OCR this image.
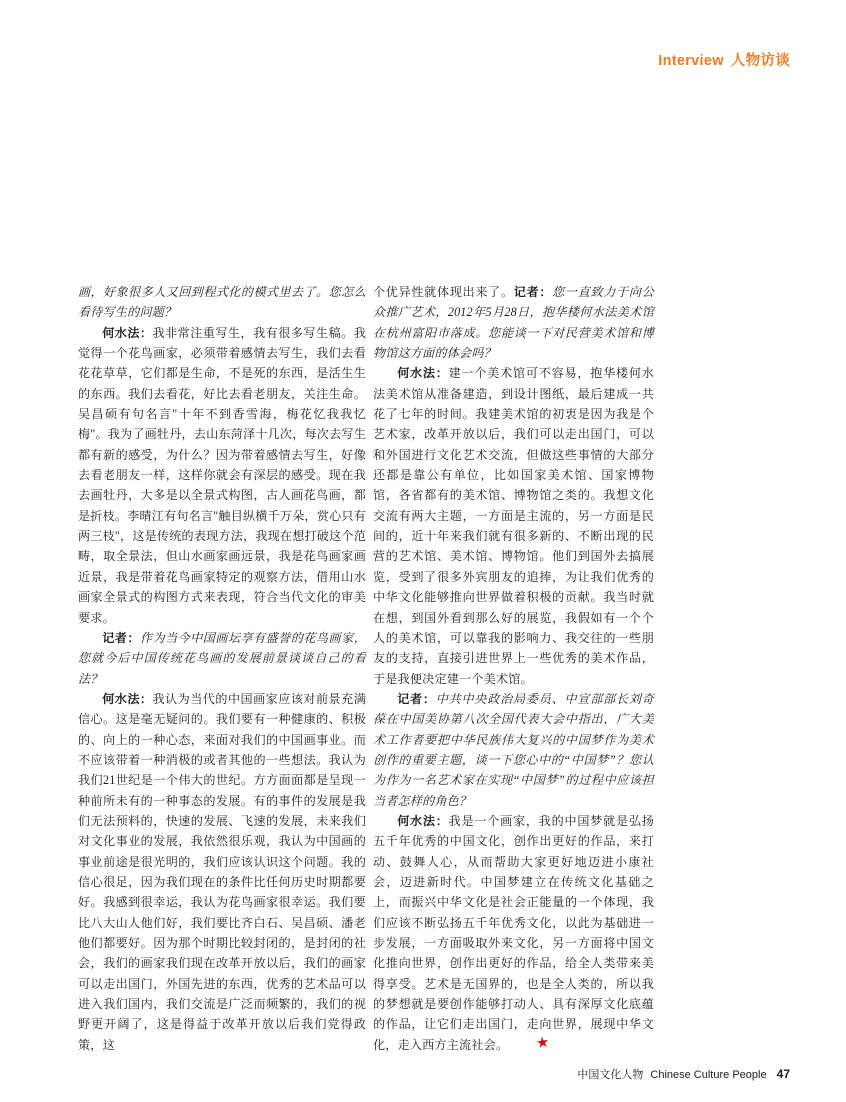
Interview 人物访谈

画，好象很多人又回到程式化的模式里去了。您怎么看待写生的问题？

何水法：我非常注重写生，我有很多写生稿。我觉得一个花鸟画家，必须带着感情去写生，我们去看花花草草，它们都是生命，不是死的东西，是活生生的东西。我们去看花，好比去看老朋友，关注生命。吴昌硕有句名言"十年不到香雪海，梅花忆我我忆梅"。我为了画牡丹，去山东菏泽十几次，每次去写生都有新的感受，为什么？因为带着感情去写生，好像去看老朋友一样，这样你就会有深层的感受。现在我去画牡丹，大多是以全景式构图，古人画花鸟画，都是折枝。李晴江有句名言"触目纵横千万朵，赏心只有两三枝"，这是传统的表现方法，我现在想打破这个范畴，取全景法，但山水画家画远景，我是花鸟画家画近景，我是带着花鸟画家特定的观察方法，借用山水画家全景式的构图方式来表现，符合当代文化的审美要求。

记者：作为当今中国画坛享有盛誉的花鸟画家，您就今后中国传统花鸟画的发展前景谈谈自己的看法？

何水法：我认为当代的中国画家应该对前景充满信心。这是毫无疑问的。我们要有一种健康的、积极的、向上的一种心态，来面对我们的中国画事业。而不应该带着一种消极的或者其他的一些想法。我认为我们21世纪是一个伟大的世纪。方方面面都是呈现一种前所未有的一种事态的发展。有的事件的发展是我们无法预料的，快速的发展、飞速的发展，未来我们对文化事业的发展，我依然很乐观，我认为中国画的事业前途是很光明的，我们应该认识这个问题。我的信心很足，因为我们现在的条件比任何历史时期都要好。我感到很幸运，我认为花鸟画家很幸运。我们要比八大山人他们好，我们要比齐白石、吴昌硕、潘老他们都要好。因为那个时期比较封闭的，是封闭的社会，我们的画家我们现在改革开放以后，我们的画家可以走出国门，外国先进的东西，优秀的艺术品可以进入我们国内，我们交流是广泛而频繁的，我们的视野更开阔了，这是得益于改革开放以后我们党得政策，这

个优异性就体现出来了。记者：您一直致力于向公众推广艺术，2012年5月28日，抱华楼何水法美术馆在杭州富阳市落成。您能谈一下对民营美术馆和博物馆这方面的体会吗？

何水法：建一个美术馆可不容易，抱华楼何水法美术馆从准备建造，到设计图纸，最后建成一共花了七年的时间。我建美术馆的初衷是因为我是个艺术家，改革开放以后，我们可以走出国门，可以和外国进行文化艺术交流，但做这些事情的大部分还都是靠公有单位，比如国家美术馆、国家博物馆，各省都有的美术馆、博物馆之类的。我想文化交流有两大主题，一方面是主流的，另一方面是民间的，近十年来我们就有很多新的、不断出现的民营的艺术馆、美术馆、博物馆。他们到国外去搞展览，受到了很多外宾朋友的追捧，为让我们优秀的中华文化能够推向世界做着积极的贡献。我当时就在想，到国外看到那么好的展览，我假如有一个个人的美术馆，可以靠我的影响力、我交往的一些朋友的支持，直接引进世界上一些优秀的美术作品，于是我便决定建一个美术馆。

记者：中共中央政治局委员、中宣部部长刘奇葆在中国美协第八次全国代表大会中指出，广大美术工作者要把中华民族伟大复兴的中国梦作为美术创作的重要主题，谈一下您心中的“中国梦”？您认为作为一名艺术家在实现“中国梦”的过程中应该担当者怎样的角色？

何水法：我是一个画家，我的中国梦就是弘扬五千年优秀的中国文化，创作出更好的作品，来打动、鼓舞人心，从而帮助大家更好地迈进小康社会，迈进新时代。中国梦建立在传统文化基础之上，而振兴中华文化是社会正能量的一个体现，我们应该不断弘扬五千年优秀文化，以此为基础进一步发展，一方面吸取外来文化，另一方面将中国文化推向世界，创作出更好的作品，给全人类带来美得享受。艺术是无国界的，也是全人类的，所以我的梦想就是要创作能够打动人、具有深厚文化底蕴的作品，让它们走出国门，走向世界，展现中华文化，走入西方主流社会。 ★

中国文化人物 Chinese Culture People 47
